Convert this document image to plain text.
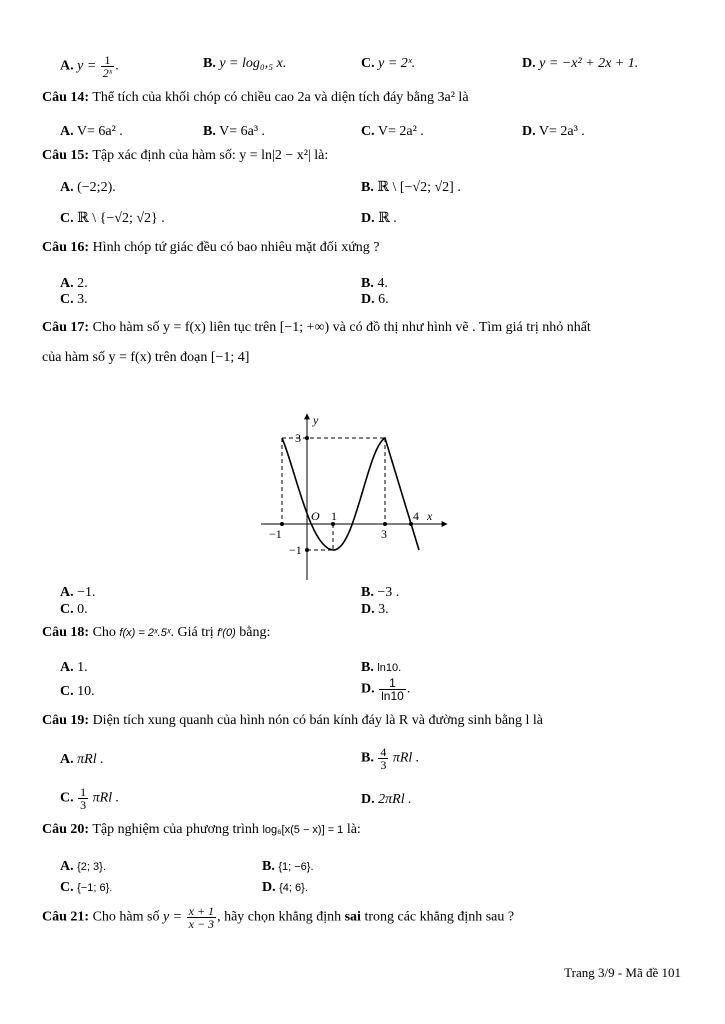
A. $y = \frac{1}{\text{2ˣ}}$ .	B. y = log₀,₅ x.	C. y = 2ˣ.	D. y = −x² + 2x + 1.
Câu 14: Thể tích của khối chóp có chiều cao 2a và diện tích đáy bằng 3a² là
A. V= 6a² .	B. V= 6a³ .	C. V= 2a² .	D. V= 2a³ .
Câu 15: Tập xác định của hàm số: y = ln|2 − x²| là:
A. (−2;2).	B. ℝ \ [−√2; √2] .
C. ℝ \ {−√2; √2} .	D. ℝ .
Câu 16: Hình chóp tứ giác đều có bao nhiêu mặt đối xứng ?
A. 2.	B. 4.
C. 3.	D. 6.
Câu 17: Cho hàm số y = f(x) liên tục trên [−1; +∞) và có đồ thị như hình vẽ . Tìm giá trị nhỏ nhất
của hàm số y = f(x) trên đoạn [−1; 4]
y
x
3
−1
−1
O 1
3
4
A. −1.	B. −3 .
C. 0.	D. 3.
Câu 18: Cho f(x) = 2ˣ.5ˣ. Giá trị f′(0) bằng:
A. 1.	B. ln10.
C. 10.	D. $\frac{1}{\ln 10}$ .
Câu 19: Diện tích xung quanh của hình nón có bán kính đáy là R và đường sinh bằng l là
A. πRl .	B. $\frac{4}{3}$ πRl .
C. $\frac{1}{3}$ πRl .	D. 2πRl .
Câu 20: Tập nghiệm của phương trình log₆[x(5 − x)] = 1 là:
A. {2; 3}.	B. {1; −6}.
C. {−1; 6}.	D. {4; 6}.
Câu 21: Cho hàm số $y = \frac{x + 1}{x - 3}$ , hãy chọn khẳng định sai trong các khẳng định sau ?
Trang 3/9 - Mã đề 101
